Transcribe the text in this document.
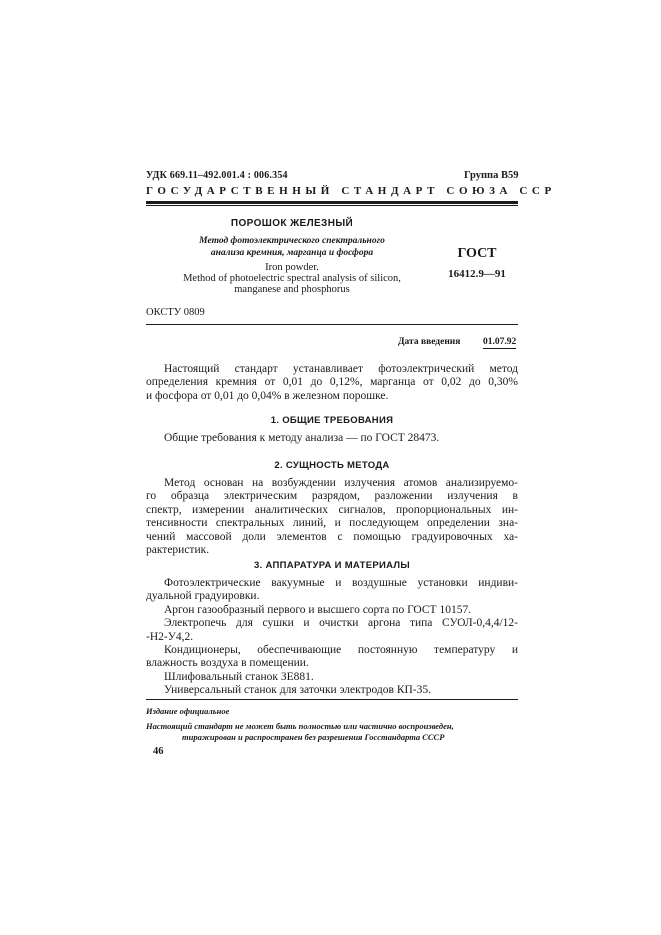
УДК 669.11–492.001.4 : 006.354	Группа В59
ГОСУДАРСТВЕННЫЙ СТАНДАРТ СОЮЗА ССР
ПОРОШОК ЖЕЛЕЗНЫЙ
Метод фотоэлектрического спектрального
анализа кремния, марганца и фосфора
Iron powder.
Method of photoelectric spectral analysis of silicon,
manganese and phosphorus
ГОСТ
16412.9—91
ОКСТУ 0809
Дата введения 01.07.92
Настоящий стандарт устанавливает фотоэлектрический метод
определения кремния от 0,01 до 0,12%, марганца от 0,02 до 0,30%
и фосфора от 0,01 до 0,04% в железном порошке.
1. ОБЩИЕ ТРЕБОВАНИЯ
Общие требования к методу анализа — по ГОСТ 28473.
2. СУЩНОСТЬ МЕТОДА
Метод основан на возбуждении излучения атомов анализируемо-
го образца электрическим разрядом, разложении излучения в
спектр, измерении аналитических сигналов, пропорциональных ин-
тенсивности спектральных линий, и последующем определении зна-
чений массовой доли элементов с помощью градуировочных ха-
рактеристик.
3. АППАРАТУРА И МАТЕРИАЛЫ
Фотоэлектрические вакуумные и воздушные установки индиви-
дуальной градуировки.
Аргон газообразный первого и высшего сорта по ГОСТ 10157.
Электропечь для сушки и очистки аргона типа СУОЛ-0,4,4/12-
-Н2-У4,2.
Кондиционеры, обеспечивающие постоянную температуру и
влажность воздуха в помещении.
Шлифовальный станок ЗЕ881.
Универсальный станок для заточки электродов КП-35.
Издание официальное
Настоящий стандарт не может быть полностью или частично воспроизведен,
тиражирован и распространен без разрешения Госстандарта СССР
46
